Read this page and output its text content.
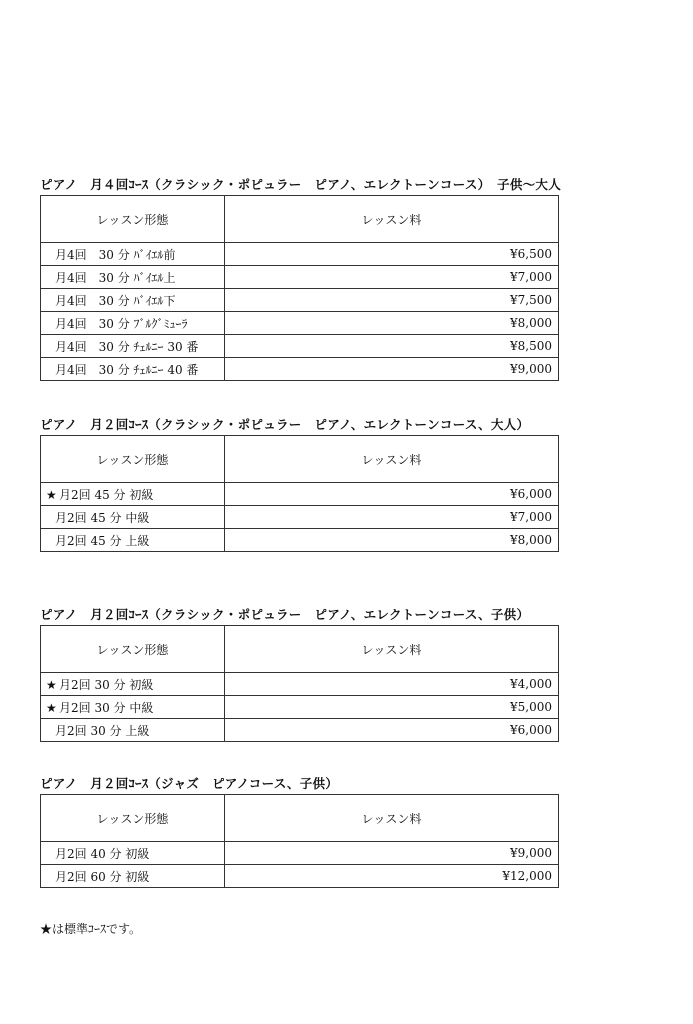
ピアノ　月４回ｺｰｽ（クラシック・ポピュラー　ピアノ、エレクトーンコース）　子供～大人
レッスン形態	レッスン料
月4回　30 分 ﾊﾞｲｴﾙ前	¥6,500
月4回　30 分 ﾊﾞｲｴﾙ上	¥7,000
月4回　30 分 ﾊﾞｲｴﾙ下	¥7,500
月4回　30 分 ﾌﾞﾙｸﾞﾐｭｰﾗ	¥8,000
月4回　30 分 ﾁｪﾙﾆｰ 30 番	¥8,500
月4回　30 分 ﾁｪﾙﾆｰ 40 番	¥9,000
ピアノ　月２回ｺｰｽ（クラシック・ポピュラー　ピアノ、エレクトーンコース、大人）
レッスン形態	レッスン料
★ 月2回 45 分 初級	¥6,000
月2回 45 分 中級	¥7,000
月2回 45 分 上級	¥8,000
ピアノ　月２回ｺｰｽ（クラシック・ポピュラー　ピアノ、エレクトーンコース、子供）
レッスン形態	レッスン料
★ 月2回 30 分 初級	¥4,000
★ 月2回 30 分 中級	¥5,000
月2回 30 分 上級	¥6,000
ピアノ　月２回ｺｰｽ（ジャズ　ピアノコース、子供）
レッスン形態	レッスン料
月2回 40 分 初級	¥9,000
月2回 60 分 初級	¥12,000
★は標準ｺｰｽです。
